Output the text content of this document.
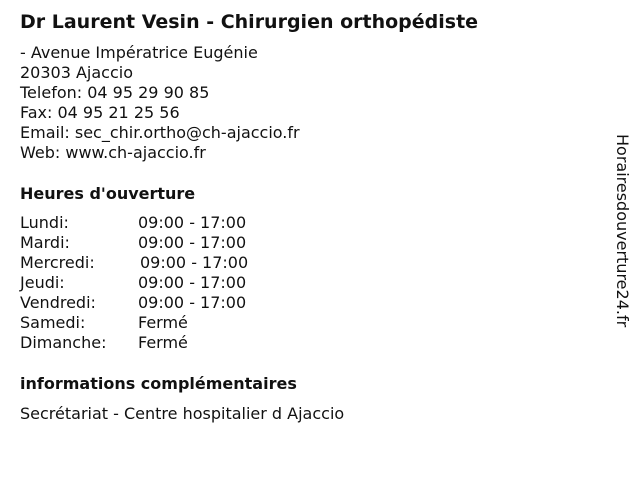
Dr Laurent Vesin - Chirurgien orthopédiste
- Avenue Impératrice Eugénie
20303 Ajaccio
Telefon: 04 95 29 90 85
Fax: 04 95 21 25 56
Email: sec_chir.ortho@ch-ajaccio.fr
Web: www.ch-ajaccio.fr
Heures d'ouverture
Lundi:	09:00 - 17:00
Mardi:	09:00 - 17:00
Mercredi:	09:00 - 17:00
Jeudi:	09:00 - 17:00
Vendredi:	09:00 - 17:00
Samedi:	Fermé
Dimanche: Fermé
informations complémentaires
Secrétariat - Centre hospitalier d Ajaccio
Horairesdouverture24.fr
